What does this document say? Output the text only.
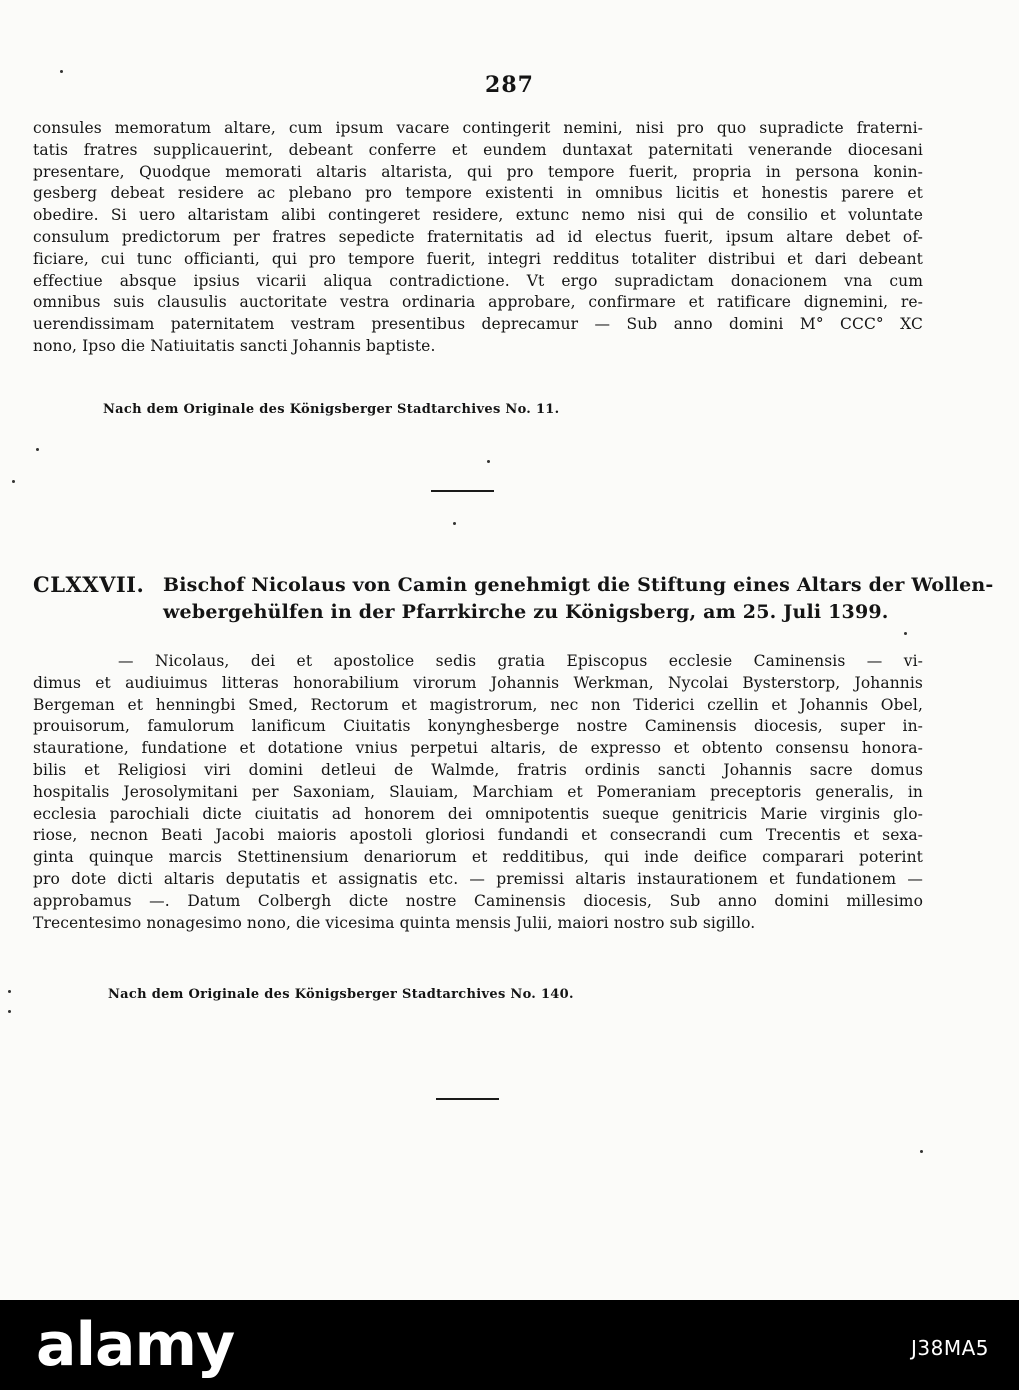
287
consules memoratum altare, cum ipsum vacare contingerit nemini, nisi pro quo supradicte fraterni-
tatis fratres supplicauerint, debeant conferre et eundem duntaxat paternitati venerande diocesani
presentare, Quodque memorati altaris altarista, qui pro tempore fuerit, propria in persona konin-
gesberg debeat residere ac plebano pro tempore existenti in omnibus licitis et honestis parere et
obedire. Si uero altaristam alibi contingeret residere, extunc nemo nisi qui de consilio et voluntate
consulum predictorum per fratres sepedicte fraternitatis ad id electus fuerit, ipsum altare debet of-
ficiare, cui tunc officianti, qui pro tempore fuerit, integri redditus totaliter distribui et dari debeant
effectiue absque ipsius vicarii aliqua contradictione. Vt ergo supradictam donacionem vna cum
omnibus suis clausulis auctoritate vestra ordinaria approbare, confirmare et ratificare dignemini, re-
uerendissimam paternitatem vestram presentibus deprecamur — Sub anno domini M° CCC° XC
nono, Ipso die Natiuitatis sancti Johannis baptiste.
Nach dem Originale des Königsberger Stadtarchives No. 11.
CLXXVII. Bischof Nicolaus von Camin genehmigt die Stiftung eines Altars der Wollen-
webergehülfen in der Pfarrkirche zu Königsberg, am 25. Juli 1399.
— Nicolaus, dei et apostolice sedis gratia Episcopus ecclesie Caminensis — vi-
dimus et audiuimus litteras honorabilium virorum Johannis Werkman, Nycolai Bysterstorp, Johannis
Bergeman et henningbi Smed, Rectorum et magistrorum, nec non Tiderici czellin et Johannis Obel,
prouisorum, famulorum lanificum Ciuitatis konynghesberge nostre Caminensis diocesis, super in-
staurationе, fundatione et dotatione vnius perpetui altaris, de expresso et obtento consensu honora-
bilis et Religiosi viri domini detleui de Walmde, fratris ordinis sancti Johannis sacre domus
hospitalis Jerosolymitani per Saxoniam, Slauiam, Marchiam et Pomeraniam preceptoris generalis, in
ecclesia parochiali dicte ciuitatis ad honorem dei omnipotentis sueque genitricis Marie virginis glo-
riose, necnon Beati Jacobi maioris apostoli gloriosi fundandi et consecrandi cum Trecentis et sexa-
ginta quinque marcis Stettinensium denariorum et redditibus, qui inde deifice comparari poterint
pro dote dicti altaris deputatis et assignatis etc. — premissi altaris instaurationem et fundationem —
approbamus —. Datum Colbergh dicte nostre Caminensis diocesis, Sub anno domini millesimo
Trecentesimo nonagesimo nono, die vicesima quinta mensis Julii, maiori nostro sub sigillo.
Nach dem Originale des Königsberger Stadtarchives No. 140.
alamy	J38MA5
